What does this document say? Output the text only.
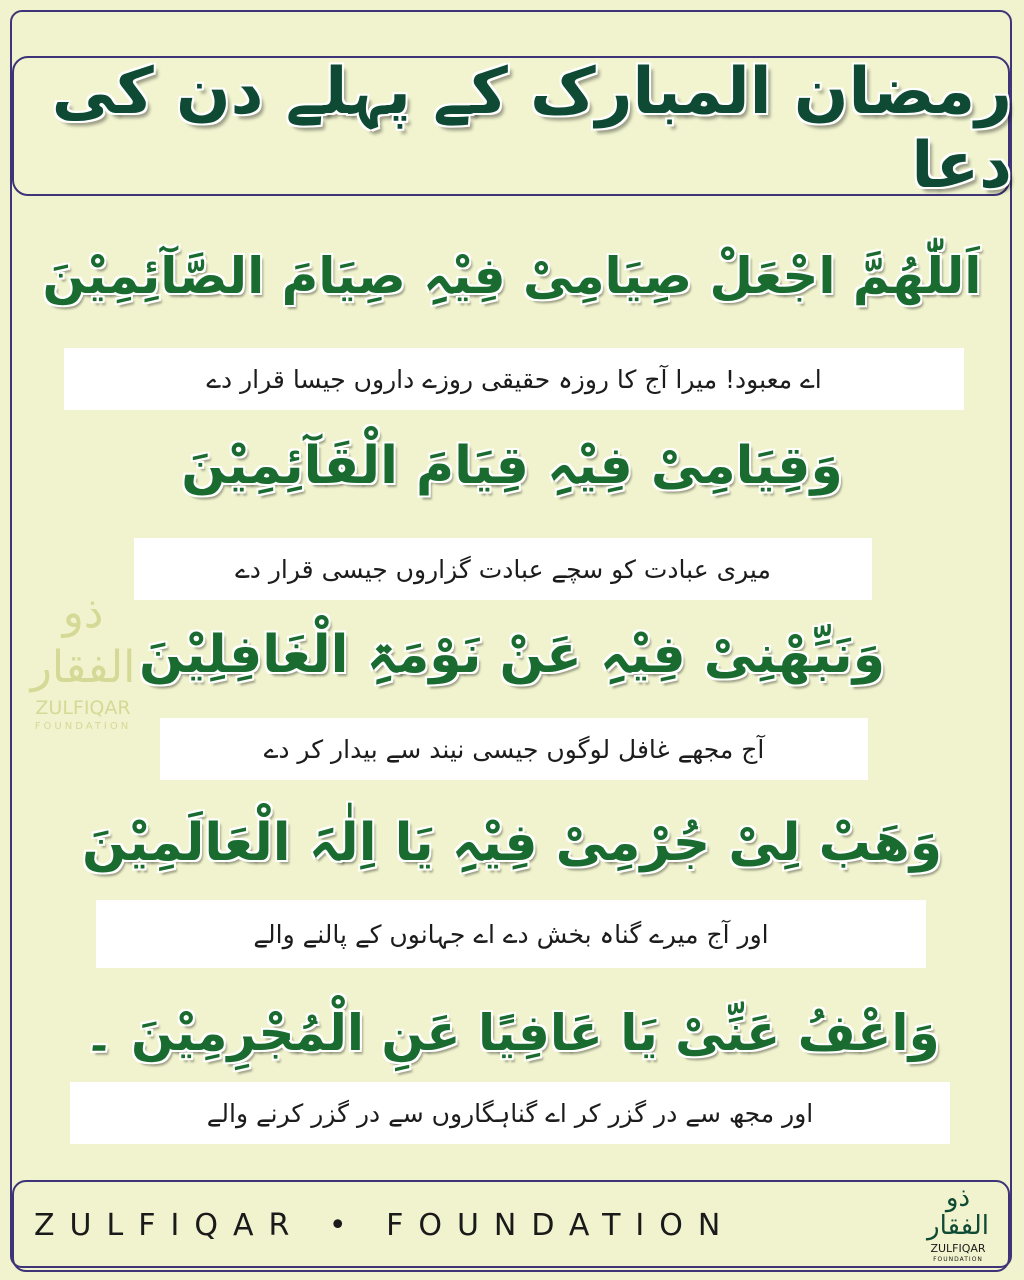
رمضان المبارک کے پہلے دن کی دعا
اَللّٰھُمَّ اجْعَلْ صِیَامِیْ فِیْہِ صِیَامَ الصَّآئِمِیْنَ
اے معبود! میرا آج کا روزہ حقیقی روزے داروں جیسا قرار دے
وَقِیَامِیْ فِیْہِ قِیَامَ الْقَآئِمِیْنَ
میری عبادت کو سچے عبادت گزاروں جیسی قرار دے
وَنَبِّھْنِیْ فِیْہِ عَنْ نَوْمَۃِ الْغَافِلِیْنَ
آج مجھے غافل لوگوں جیسی نیند سے بیدار کر دے
وَھَبْ لِیْ جُرْمِیْ فِیْہِ یَا اِلٰہَ الْعَالَمِیْنَ
اور آج میرے گناہ بخش دے اے جہانوں کے پالنے والے
وَاعْفُ عَنِّیْ یَا عَافِیًا عَنِ الْمُجْرِمِیْنَ ۔
اور مجھ سے در گزر کر اے گناہگاروں سے در گزر کرنے والے
ذو الفقار
ZULFIQAR
FOUNDATION
ZULFIQAR • FOUNDATION
ذو الفقار
ZULFIQAR
FOUNDATION
